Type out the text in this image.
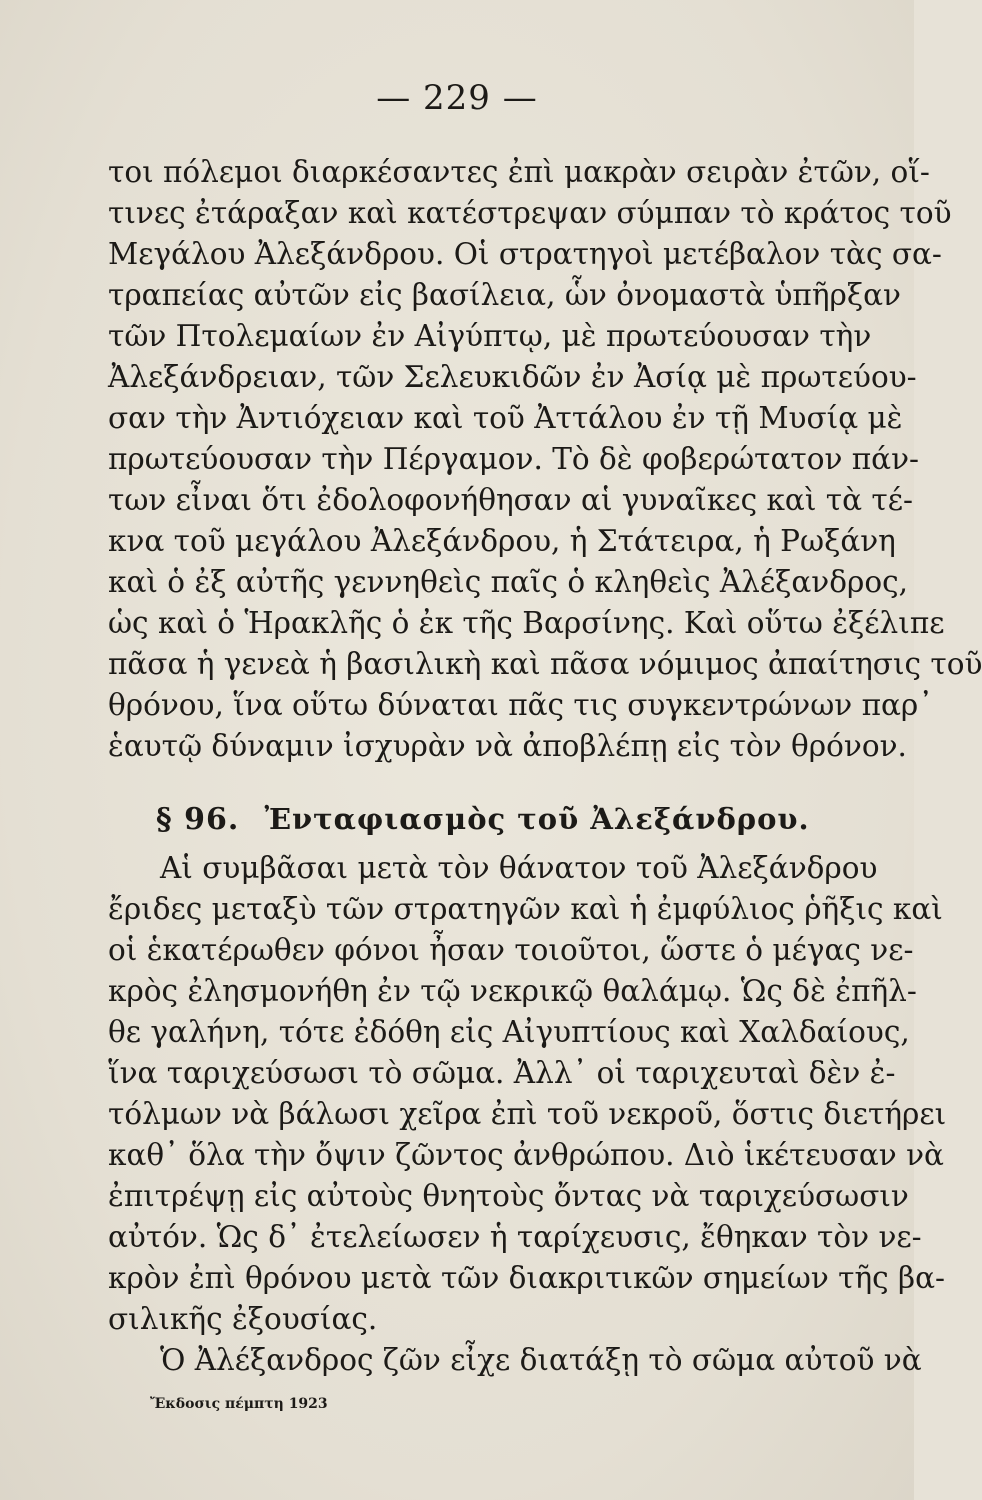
— 229 —
τοι πόλεμοι διαρκέσαντες ἐπὶ μακρὰν σειρὰν ἐτῶν, οἵ-
τινες ἐτάραξαν καὶ κατέστρεψαν σύμπαν τὸ κράτος τοῦ
Μεγάλου Ἀλεξάνδρου. Οἱ στρατηγοὶ μετέβαλον τὰς σα-
τραπείας αὐτῶν εἰς βασίλεια, ὧν ὀνομαστὰ ὑπῆρξαν
τῶν Πτολεμαίων ἐν Αἰγύπτῳ, μὲ πρωτεύουσαν τὴν
Ἀλεξάνδρειαν, τῶν Σελευκιδῶν ἐν Ἀσίᾳ μὲ πρωτεύου-
σαν τὴν Ἀντιόχειαν καὶ τοῦ Ἀττάλου ἐν τῇ Μυσίᾳ μὲ
πρωτεύουσαν τὴν Πέργαμον. Τὸ δὲ φοβερώτατον πάν-
των εἶναι ὅτι ἐδολοφονήθησαν αἱ γυναῖκες καὶ τὰ τέ-
κνα τοῦ μεγάλου Ἀλεξάνδρου, ἡ Στάτειρα, ἡ Ρωξάνη
καὶ ὁ ἐξ αὐτῆς γεννηθεὶς παῖς ὁ κληθεὶς Ἀλέξανδρος,
ὡς καὶ ὁ Ἡρακλῆς ὁ ἐκ τῆς Βαρσίνης. Καὶ οὕτω ἐξέλιπε
πᾶσα ἡ γενεὰ ἡ βασιλικὴ καὶ πᾶσα νόμιμος ἀπαίτησις τοῦ
θρόνου, ἵνα οὕτω δύναται πᾶς τις συγκεντρώνων παρ᾿
ἑαυτῷ δύναμιν ἰσχυρὰν νὰ ἀποβλέπῃ εἰς τὸν θρόνον.
§ 96. Ἐνταφιασμὸς τοῦ Ἀλεξάνδρου.
Αἱ συμβᾶσαι μετὰ τὸν θάνατον τοῦ Ἀλεξάνδρου
ἔριδες μεταξὺ τῶν στρατηγῶν καὶ ἡ ἐμφύλιος ῥῆξις καὶ
οἱ ἑκατέρωθεν φόνοι ἦσαν τοιοῦτοι, ὥστε ὁ μέγας νε-
κρὸς ἐλησμονήθη ἐν τῷ νεκρικῷ θαλάμῳ. Ὡς δὲ ἐπῆλ-
θε γαλήνη, τότε ἐδόθη εἰς Αἰγυπτίους καὶ Χαλδαίους,
ἵνα ταριχεύσωσι τὸ σῶμα. Ἀλλ᾿ οἱ ταριχευταὶ δὲν ἐ-
τόλμων νὰ βάλωσι χεῖρα ἐπὶ τοῦ νεκροῦ, ὅστις διετήρει
καθ᾿ ὅλα τὴν ὄψιν ζῶντος ἀνθρώπου. Διὸ ἱκέτευσαν νὰ
ἐπιτρέψῃ εἰς αὐτοὺς θνητοὺς ὄντας νὰ ταριχεύσωσιν
αὐτόν. Ὡς δ᾿ ἐτελείωσεν ἡ ταρίχευσις, ἔθηκαν τὸν νε-
κρὸν ἐπὶ θρόνου μετὰ τῶν διακριτικῶν σημείων τῆς βα-
σιλικῆς ἐξουσίας.
Ὁ Ἀλέξανδρος ζῶν εἶχε διατάξῃ τὸ σῶμα αὐτοῦ νὰ
Ἔκδοσις πέμπτη 1923
